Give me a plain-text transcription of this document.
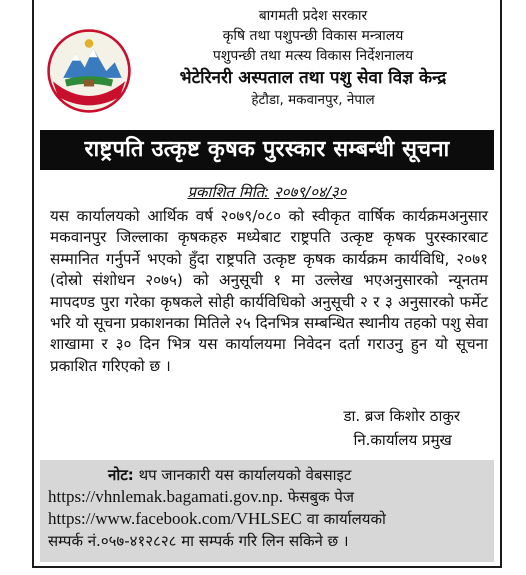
बागमती प्रदेश सरकार
कृषि तथा पशुपन्छी विकास मन्त्रालय
पशुपन्छी तथा मत्स्य विकास निर्देशनालय
भेटेरिनरी अस्पताल तथा पशु सेवा विज्ञ केन्द्र
हेटौडा, मकवानपुर, नेपाल
राष्ट्रपति उत्कृष्ट कृषक पुरस्कार सम्बन्धी सूचना
प्रकाशित मिति: २०७९/०४/३०
यस कार्यालयको आर्थिक वर्ष २०७९/०८० को स्वीकृत वार्षिक कार्यक्रमअनुसार मकवानपुर जिल्लाका कृषकहरु मध्येबाट राष्ट्रपति उत्कृष्ट कृषक पुरस्कारबाट सम्मानित गर्नुपर्ने भएको हुँदा राष्ट्रपति उत्कृष्ट कृषक कार्यक्रम कार्यविधि, २०७१ (दोस्रो संशोधन २०७५) को अनुसूची १ मा उल्लेख भएअनुसारको न्यूनतम मापदण्ड पुरा गरेका कृषकले सोही कार्यविधिको अनुसूची २ र ३ अनुसारको फर्मेट भरि यो सूचना प्रकाशनका मितिले २५ दिनभित्र सम्बन्धित स्थानीय तहको पशु सेवा शाखामा र ३० दिन भित्र यस कार्यालयमा निवेदन दर्ता गराउनु हुन यो सूचना प्रकाशित गरिएको छ ।
डा. ब्रज किशोर ठाकुर
नि.कार्यालय प्रमुख
नोट: थप जानकारी यस कार्यालयको वेबसाइट
https://vhnlemak.bagamati.gov.np. फेसबुक पेज
https://www.facebook.com/VHLSEC वा कार्यालयको
सम्पर्क नं.०५७-४१२८२८ मा सम्पर्क गरि लिन सकिने छ ।
